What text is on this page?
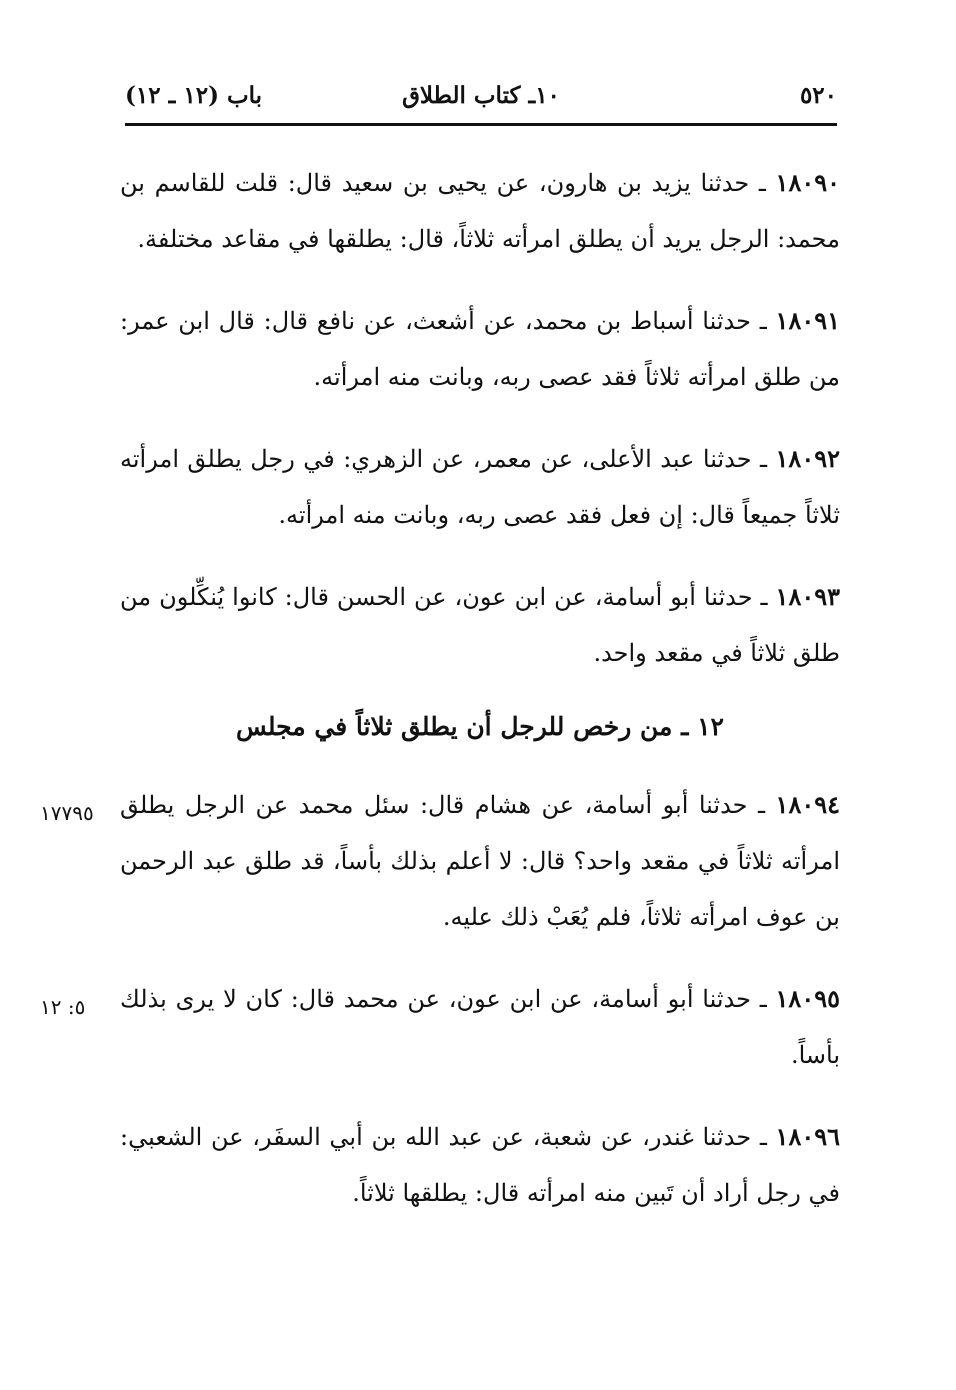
٥٢٠
١٠ـ كتاب الطلاق
باب (١٢ ـ ١٢)

١٨٠٩٠ ـ حدثنا يزيد بن هارون، عن يحيى بن سعيد قال: قلت للقاسم بن محمد: الرجل يريد أن يطلق امرأته ثلاثاً، قال: يطلقها في مقاعد مختلفة.

١٨٠٩١ ـ حدثنا أسباط بن محمد، عن أشعث، عن نافع قال: قال ابن عمر: من طلق امرأته ثلاثاً فقد عصى ربه، وبانت منه امرأته.

١٨٠٩٢ ـ حدثنا عبد الأعلى، عن معمر، عن الزهري: في رجل يطلق امرأته ثلاثاً جميعاً قال: إن فعل فقد عصى ربه، وبانت منه امرأته.

١٨٠٩٣ ـ حدثنا أبو أسامة، عن ابن عون، عن الحسن قال: كانوا يُنكِّلون من طلق ثلاثاً في مقعد واحد.

١٢ ـ من رخص للرجل أن يطلق ثلاثاً في مجلس

١٧٧٩٥	١٨٠٩٤ ـ حدثنا أبو أسامة، عن هشام قال: سئل محمد عن الرجل يطلق امرأته ثلاثاً في مقعد واحد؟ قال: لا أعلم بذلك بأساً، قد طلق عبد الرحمن بن عوف امرأته ثلاثاً، فلم يُعَبْ ذلك عليه.

٥: ١٢	١٨٠٩٥ ـ حدثنا أبو أسامة، عن ابن عون، عن محمد قال: كان لا يرى بذلك بأساً.

١٨٠٩٦ ـ حدثنا غندر، عن شعبة، عن عبد الله بن أبي السفَر، عن الشعبي: في رجل أراد أن تَبين منه امرأته قال: يطلقها ثلاثاً.
